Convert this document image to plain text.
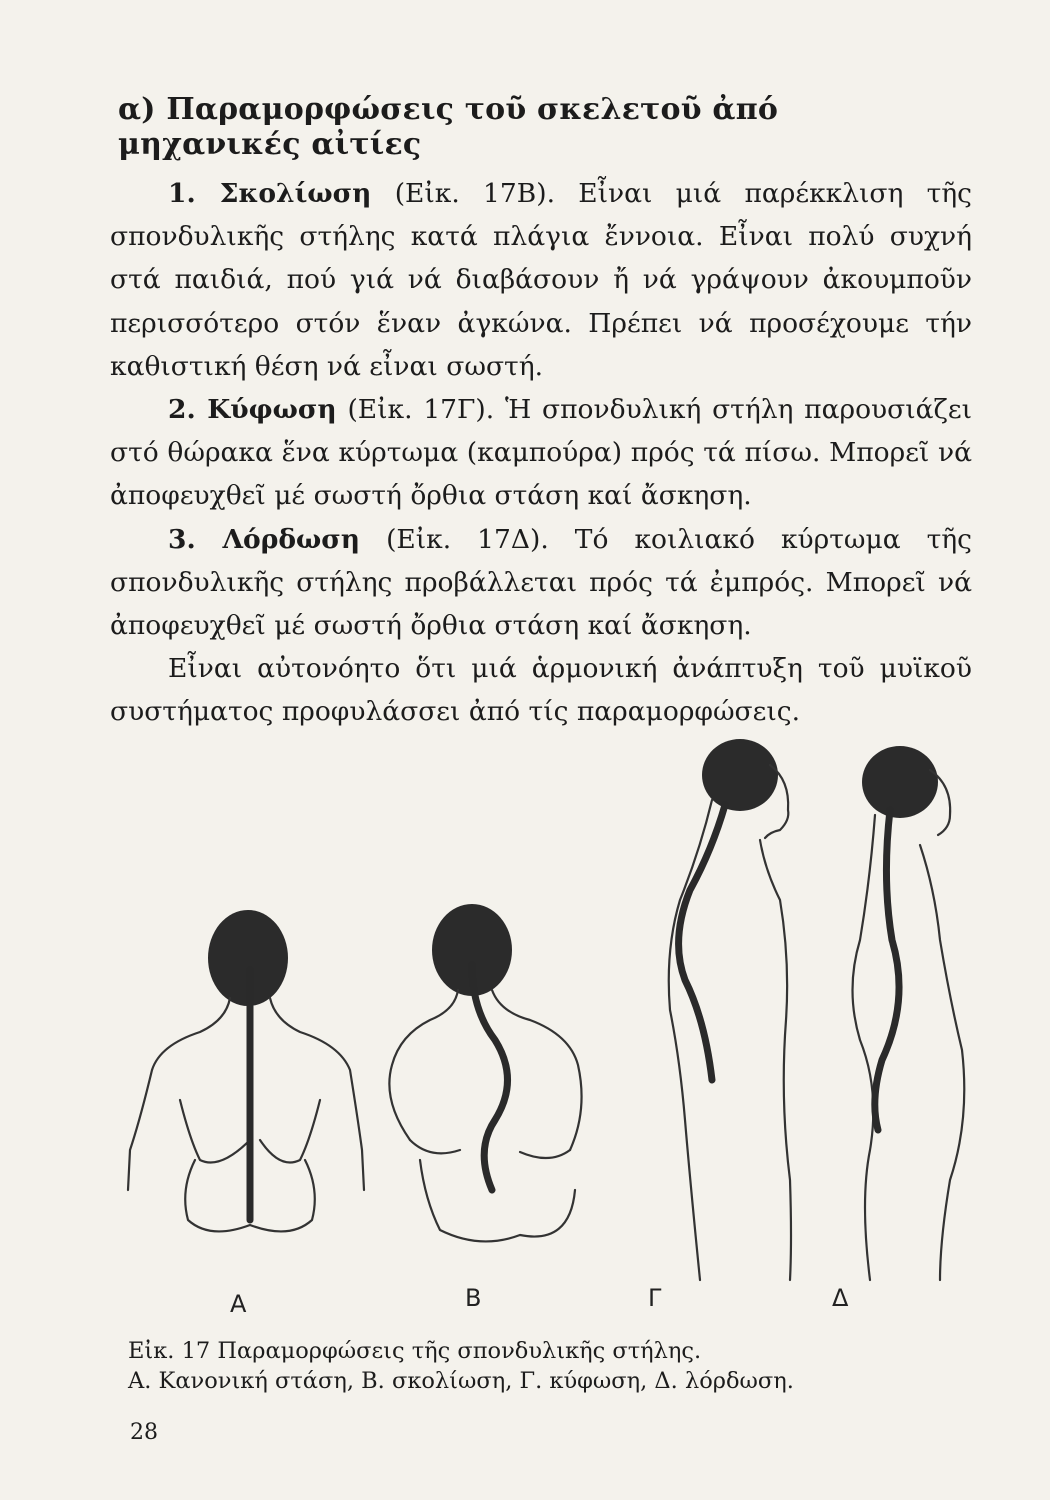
α) Παραμορφώσεις τοῦ σκελετοῦ ἀπό μηχανικές αἰτίες

1. Σκολίωση (Εἰκ. 17Β). Εἶναι μιά παρέκκλιση τῆς σπονδυλικῆς στήλης κατά πλάγια ἔννοια. Εἶναι πολύ συχνή στά παιδιά, πού γιά νά διαβάσουν ἤ νά γράψουν ἀκουμποῦν περισσότερο στόν ἕναν ἀγκώνα. Πρέπει νά προσέχουμε τήν καθιστική θέση νά εἶναι σωστή.

2. Κύφωση (Εἰκ. 17Γ). Ἡ σπονδυλική στήλη παρουσιάζει στό θώρακα ἕνα κύρτωμα (καμπούρα) πρός τά πίσω. Μπορεῖ νά ἀποφευχθεῖ μέ σωστή ὄρθια στάση καί ἄσκηση.

3. Λόρδωση (Εἰκ. 17Δ). Τό κοιλιακό κύρτωμα τῆς σπονδυλικῆς στήλης προβάλλεται πρός τά ἐμπρός. Μπορεῖ νά ἀποφευχθεῖ μέ σωστή ὄρθια στάση καί ἄσκηση.

Εἶναι αὐτονόητο ὅτι μιά ἁρμονική ἀνάπτυξη τοῦ μυϊκοῦ συστήματος προφυλάσσει ἀπό τίς παραμορφώσεις.

Α	Β	Γ	Δ
Εἰκ. 17 Παραμορφώσεις τῆς σπονδυλικῆς στήλης.
Α. Κανονική στάση, Β. σκολίωση, Γ. κύφωση, Δ. λόρδωση.
28
